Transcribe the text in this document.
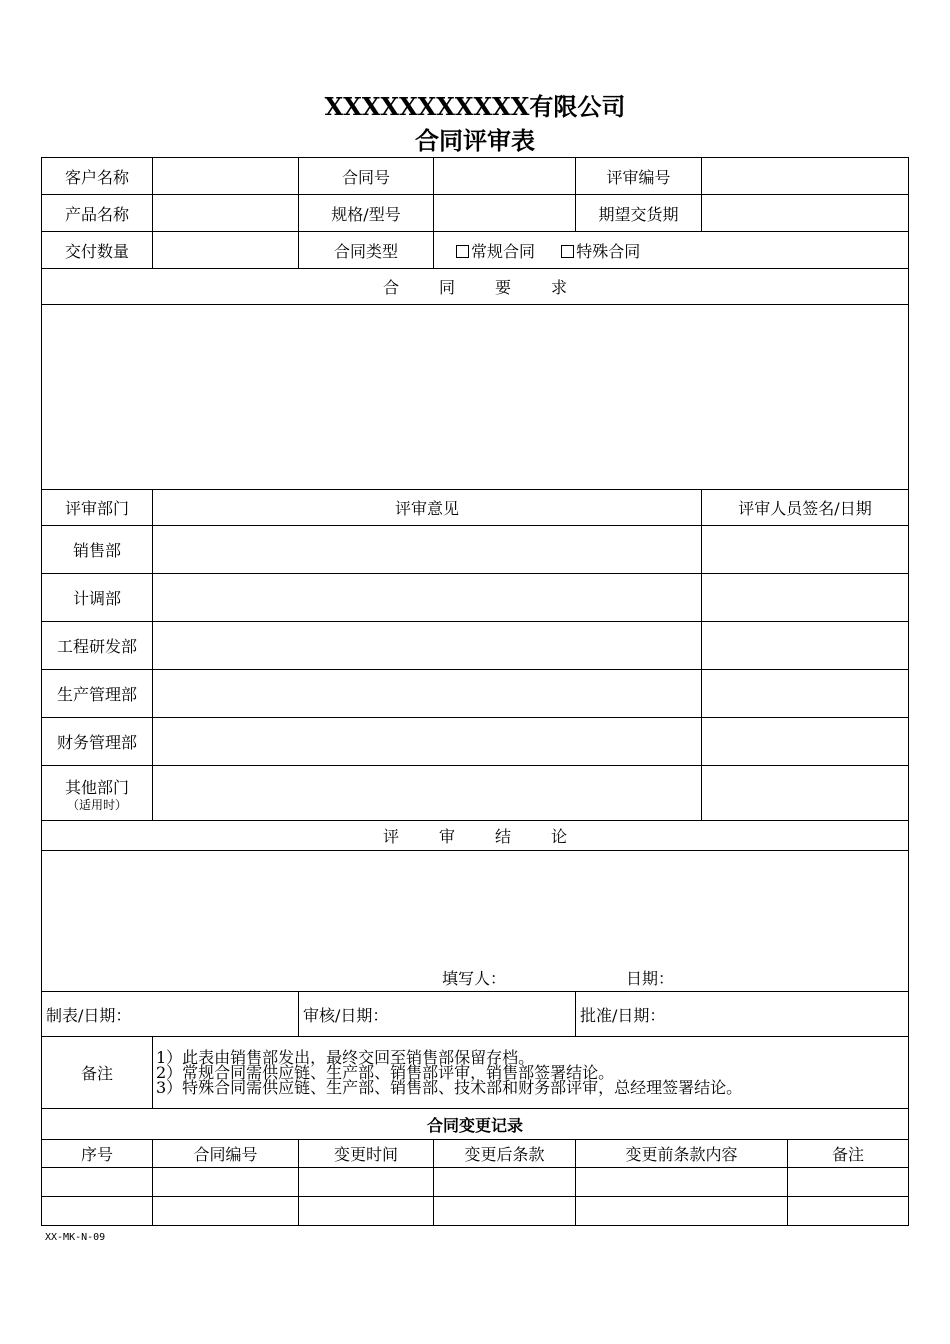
XXXXXXXXXXX有限公司
合同评审表
客户名称		合同号		评审编号		
产品名称		规格/型号		期望交货期		
交付数量		合同类型	常规合同 特殊合同			
合同要求						

评审部门	评审意见				评审人员签名/日期	
销售部						
计调部						
工程研发部						
生产管理部						
财务管理部						
其他部门
（适用时）						

评审结论						

填写人： 日期：						

制表/日期：		审核/日期：		批准/日期：		
备注	1）此表由销售部发出，最终交回至销售部保留存档。
2）常规合同需供应链、生产部、销售部评审，销售部签署结论。
3）特殊合同需供应链、生产部、销售部、技术部和财务部评审，总经理签署结论。					

合同变更记录						
序号	合同编号	变更时间	变更后条款	变更前条款内容		备注

XX-MK-N-09
